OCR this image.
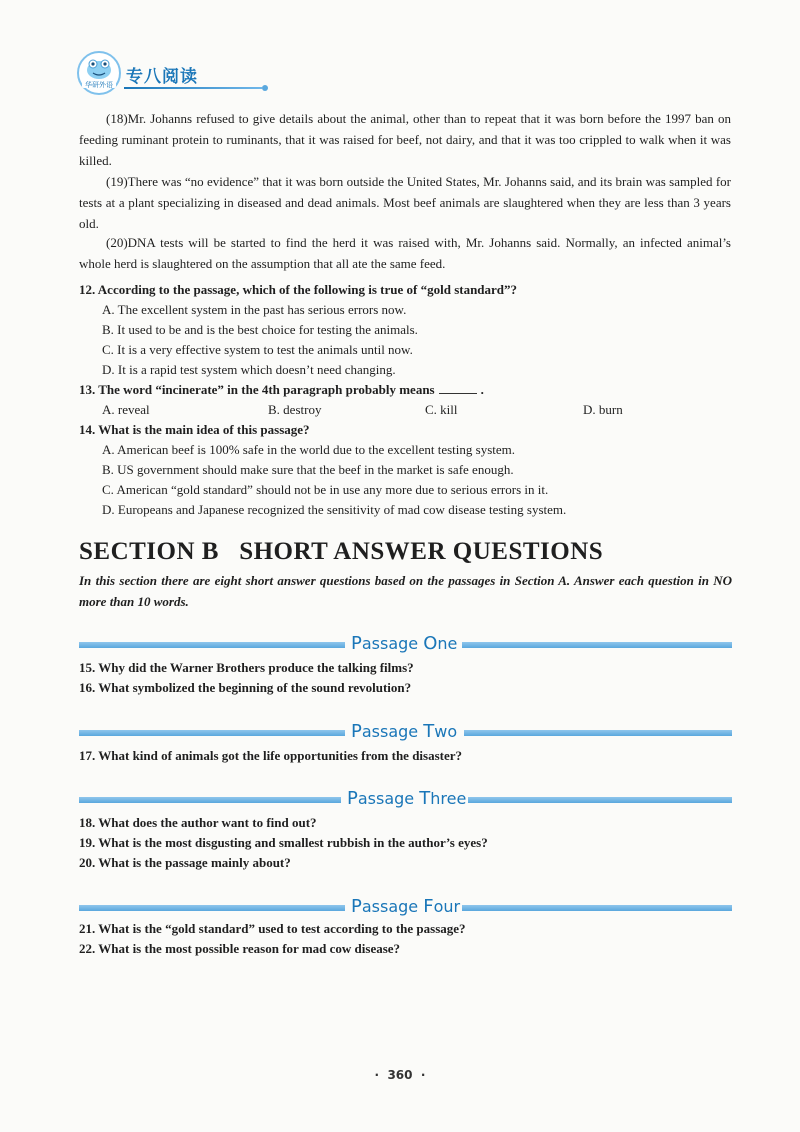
华研外语 专八阅读
(18)Mr. Johanns refused to give details about the animal, other than to repeat that it was born before the 1997 ban on feeding ruminant protein to ruminants, that it was raised for beef, not dairy, and that it was too crippled to walk when it was killed.
(19)There was “no evidence” that it was born outside the United States, Mr. Johanns said, and its brain was sampled for tests at a plant specializing in diseased and dead animals. Most beef animals are slaughtered when they are less than 3 years old.
(20)DNA tests will be started to find the herd it was raised with, Mr. Johanns said. Normally, an infected animal’s whole herd is slaughtered on the assumption that all ate the same feed.
12. According to the passage, which of the following is true of “gold standard”?
A. The excellent system in the past has serious errors now.
B. It used to be and is the best choice for testing the animals.
C. It is a very effective system to test the animals until now.
D. It is a rapid test system which doesn’t need changing.
13. The word “incinerate” in the 4th paragraph probably means	.
A. reveal	B. destroy	C. kill	D. burn
14. What is the main idea of this passage?
A. American beef is 100% safe in the world due to the excellent testing system.
B. US government should make sure that the beef in the market is safe enough.
C. American “gold standard” should not be in use any more due to serious errors in it.
D. Europeans and Japanese recognized the sensitivity of mad cow disease testing system.
SECTION B   SHORT ANSWER QUESTIONS
In this section there are eight short answer questions based on the passages in Section A. Answer each question in NO more than 10 words.
Passage One
15. Why did the Warner Brothers produce the talking films?
16. What symbolized the beginning of the sound revolution?
Passage Two
17. What kind of animals got the life opportunities from the disaster?
Passage Three
18. What does the author want to find out?
19. What is the most disgusting and smallest rubbish in the author’s eyes?
20. What is the passage mainly about?
Passage Four
21. What is the “gold standard” used to test according to the passage?
22. What is the most possible reason for mad cow disease?
·  360  ·
